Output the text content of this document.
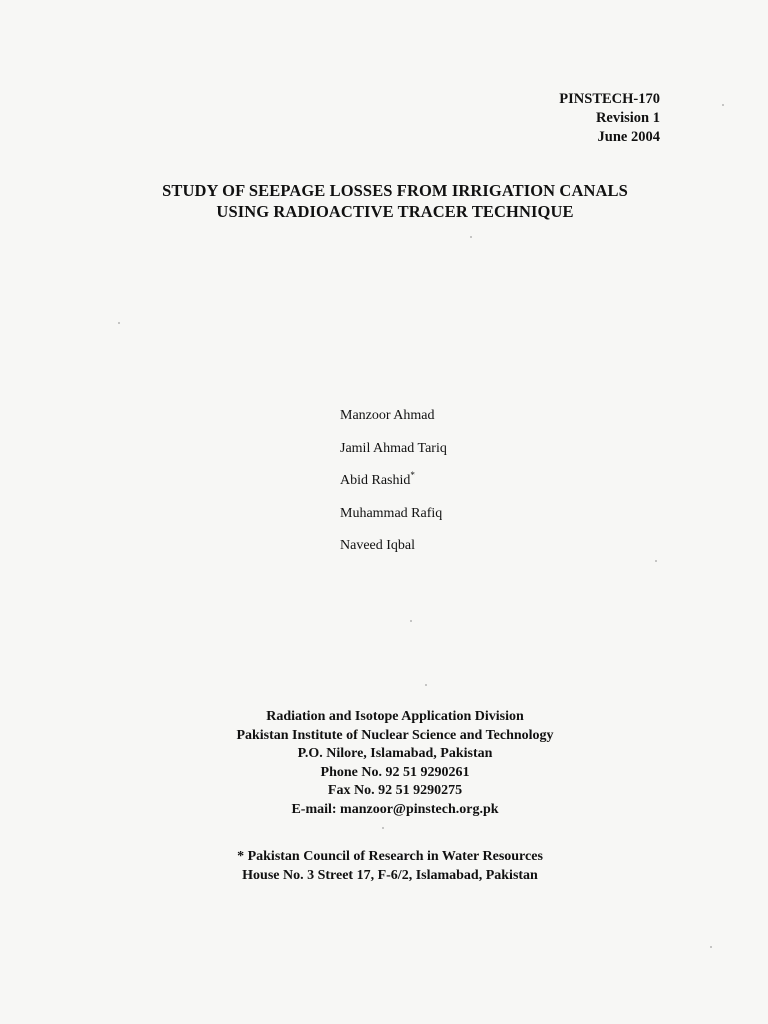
PINSTECH-170
Revision 1
June 2004
STUDY OF SEEPAGE LOSSES FROM IRRIGATION CANALS
USING RADIOACTIVE TRACER TECHNIQUE
Manzoor Ahmad
Jamil Ahmad Tariq
Abid Rashid*
Muhammad Rafiq
Naveed Iqbal
Radiation and Isotope Application Division
Pakistan Institute of Nuclear Science and Technology
P.O. Nilore, Islamabad, Pakistan
Phone No. 92 51 9290261
Fax No. 92 51 9290275
E-mail: manzoor@pinstech.org.pk
* Pakistan Council of Research in Water Resources
House No. 3 Street 17, F-6/2, Islamabad, Pakistan
